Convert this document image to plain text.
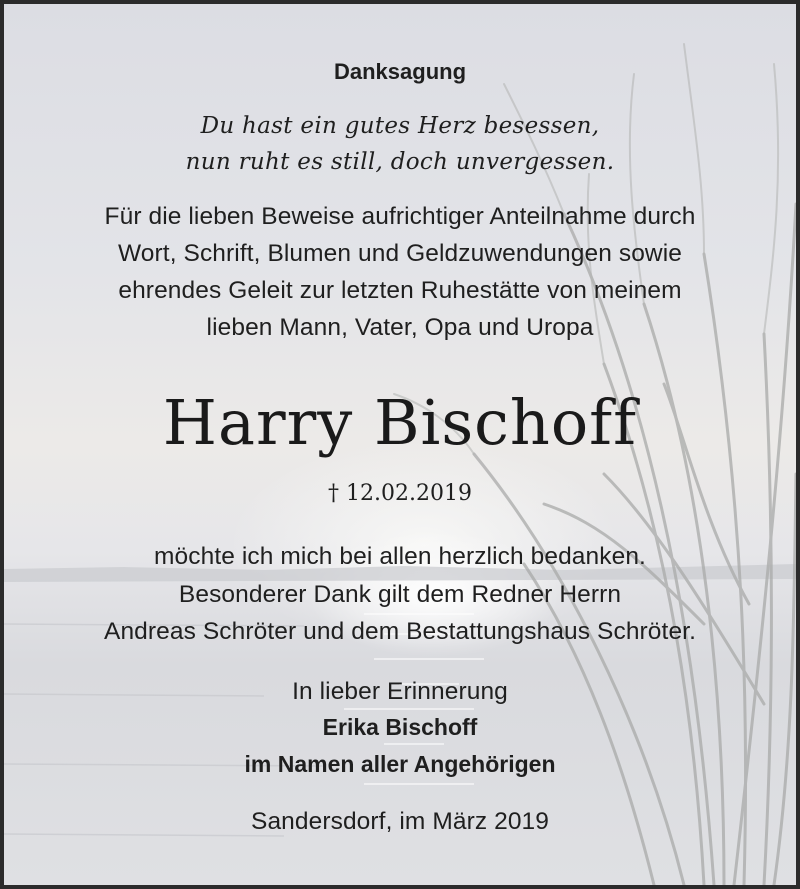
Danksagung
Du hast ein gutes Herz besessen,
nun ruht es still, doch unvergessen.
Für die lieben Beweise aufrichtiger Anteilnahme durch
Wort, Schrift, Blumen und Geldzuwendungen sowie
ehrendes Geleit zur letzten Ruhestätte von meinem
lieben Mann, Vater, Opa und Uropa
Harry Bischoff
† 12.02.2019
möchte ich mich bei allen herzlich bedanken.
Besonderer Dank gilt dem Redner Herrn
Andreas Schröter und dem Bestattungshaus Schröter.
In lieber Erinnerung
Erika Bischoff
im Namen aller Angehörigen
Sandersdorf, im März 2019
